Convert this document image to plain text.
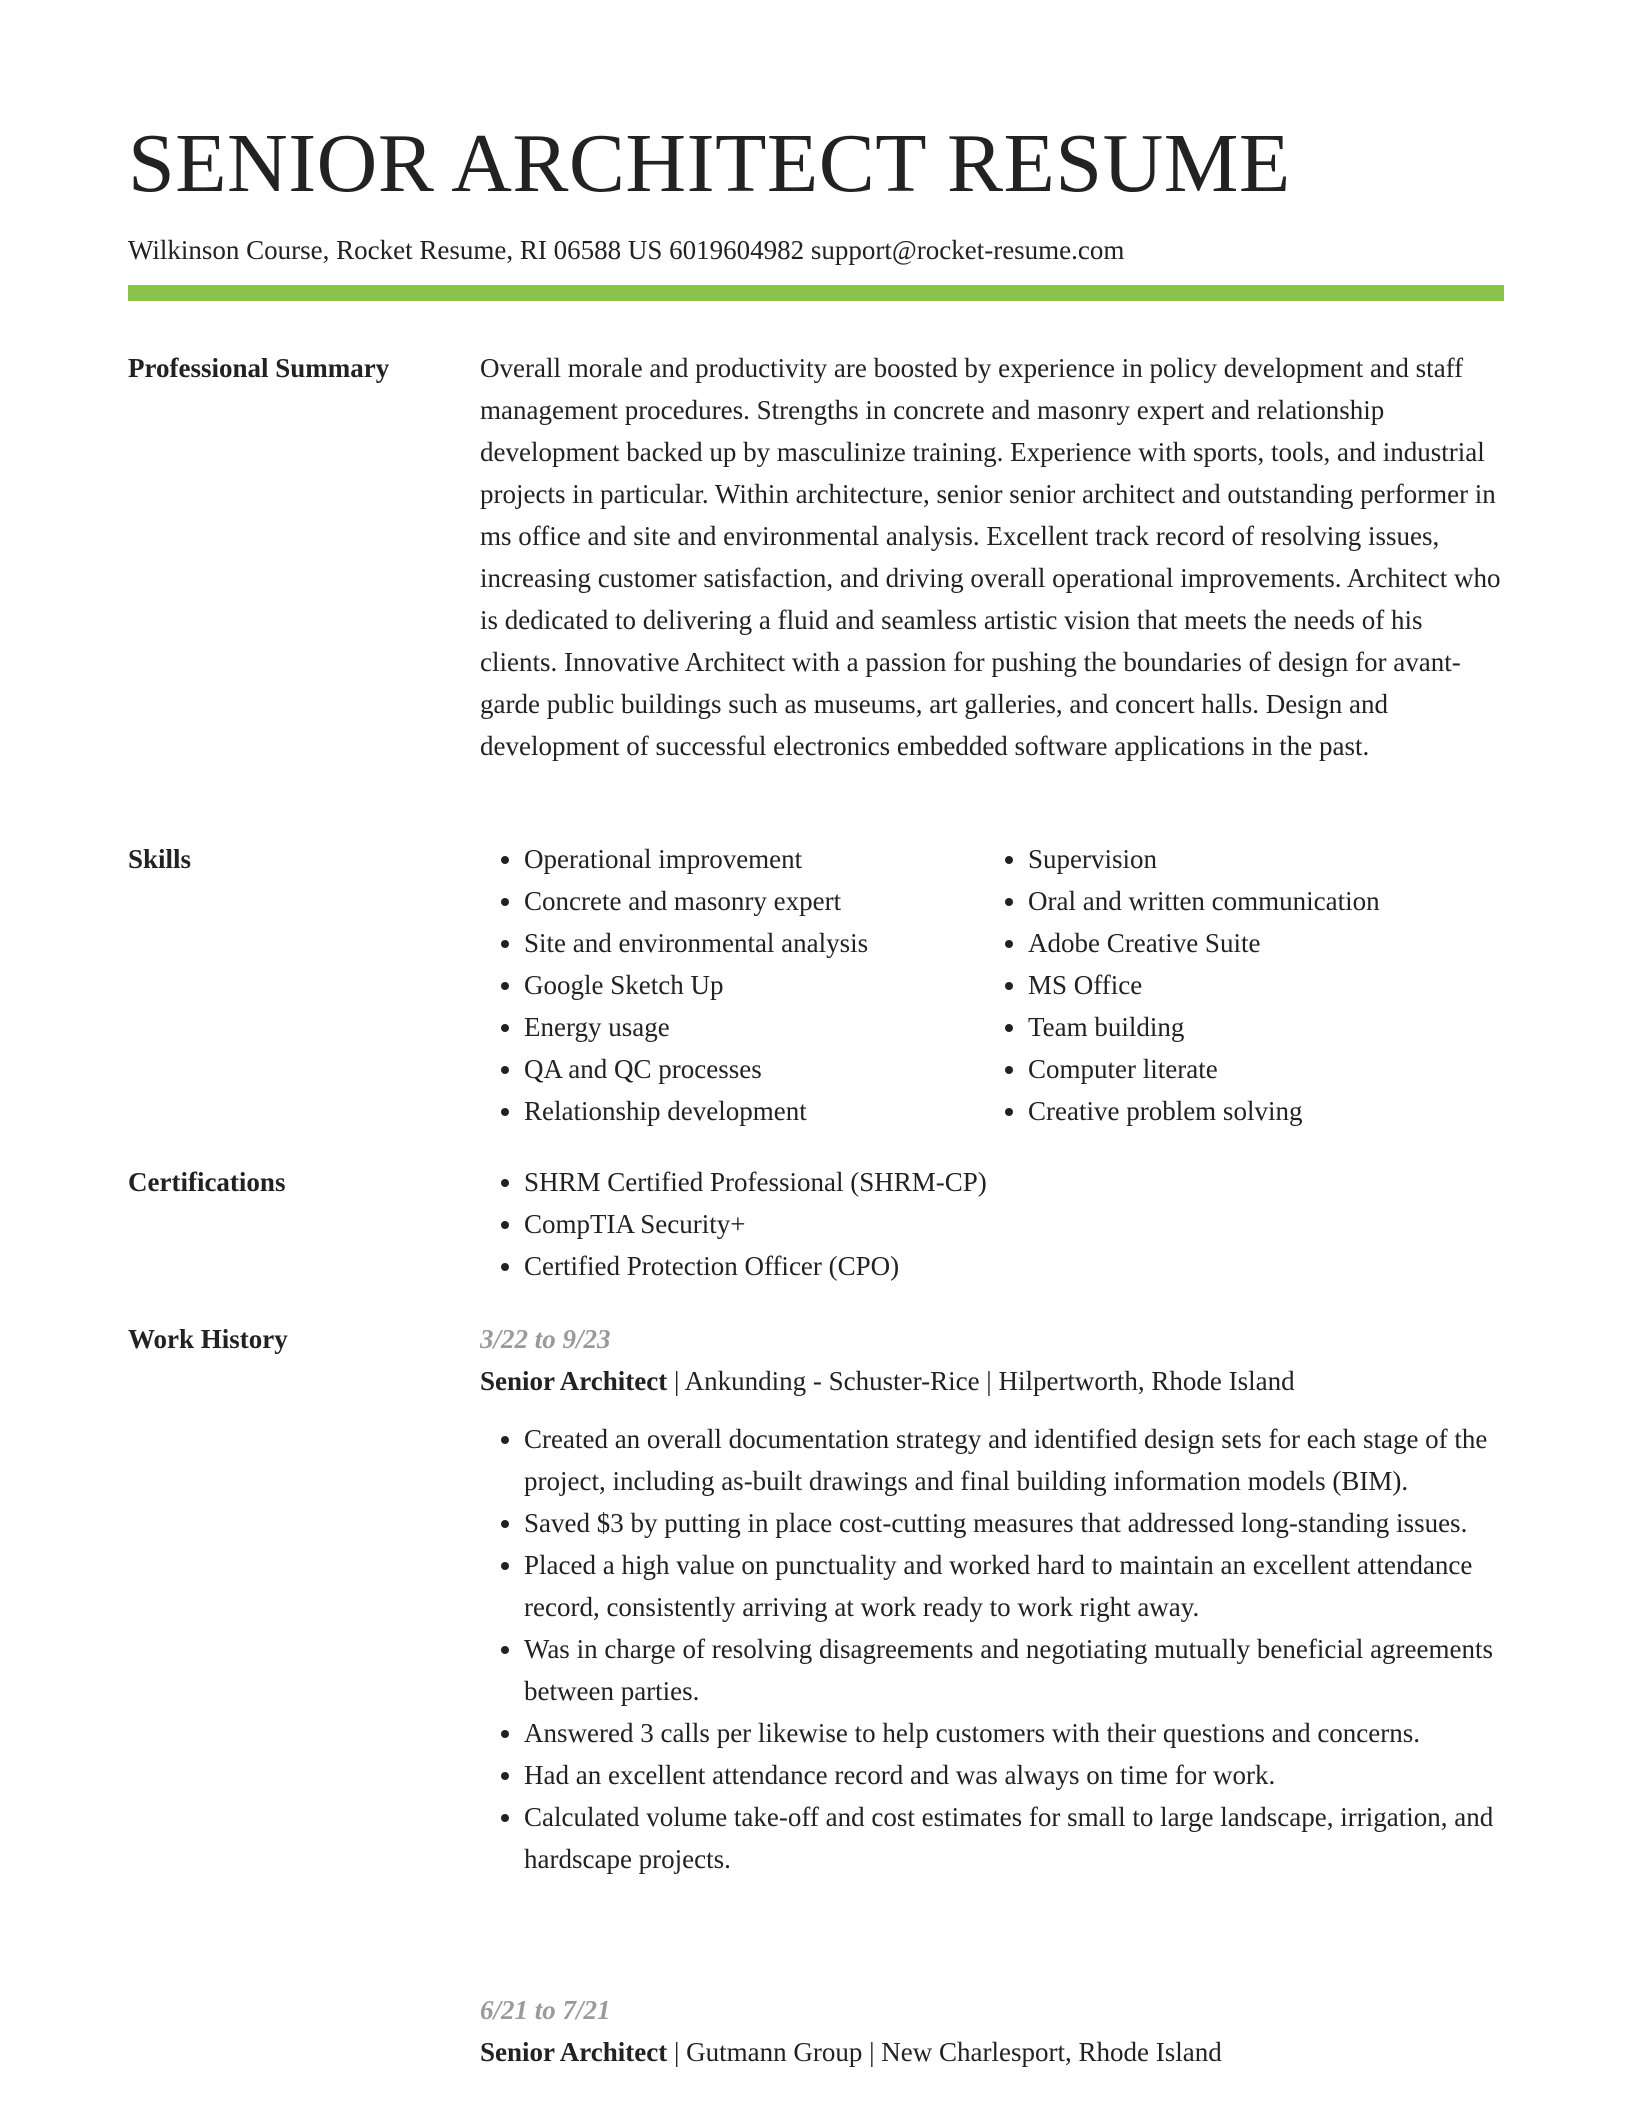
SENIOR ARCHITECT RESUME
Wilkinson Course, Rocket Resume, RI 06588 US 6019604982 support@rocket-resume.com
Professional Summary	Overall morale and productivity are boosted by experience in policy development and staff management procedures. Strengths in concrete and masonry expert and relationship development backed up by masculinize training. Experience with sports, tools, and industrial projects in particular. Within architecture, senior senior architect and outstanding performer in ms office and site and environmental analysis. Excellent track record of resolving issues, increasing customer satisfaction, and driving overall operational improvements. Architect who is dedicated to delivering a fluid and seamless artistic vision that meets the needs of his clients. Innovative Architect with a passion for pushing the boundaries of design for avant-garde public buildings such as museums, art galleries, and concert halls. Design and development of successful electronics embedded software applications in the past.

Skills	• Operational improvement
• Concrete and masonry expert
• Site and environmental analysis
• Google Sketch Up
• Energy usage
• QA and QC processes
• Relationship development
• Supervision
• Oral and written communication
• Adobe Creative Suite
• MS Office
• Team building
• Computer literate
• Creative problem solving
Certifications	• SHRM Certified Professional (SHRM-CP)
• CompTIA Security+
• Certified Protection Officer (CPO)
Work History	3/22 to 9/23
Senior Architect | Ankunding - Schuster-Rice | Hilpertworth, Rhode Island
• Created an overall documentation strategy and identified design sets for each stage of the project, including as-built drawings and final building information models (BIM).
• Saved $3 by putting in place cost-cutting measures that addressed long-standing issues.
• Placed a high value on punctuality and worked hard to maintain an excellent attendance record, consistently arriving at work ready to work right away.
• Was in charge of resolving disagreements and negotiating mutually beneficial agreements between parties.
• Answered 3 calls per likewise to help customers with their questions and concerns.
• Had an excellent attendance record and was always on time for work.
• Calculated volume take-off and cost estimates for small to large landscape, irrigation, and hardscape projects.
6/21 to 7/21
Senior Architect | Gutmann Group | New Charlesport, Rhode Island
